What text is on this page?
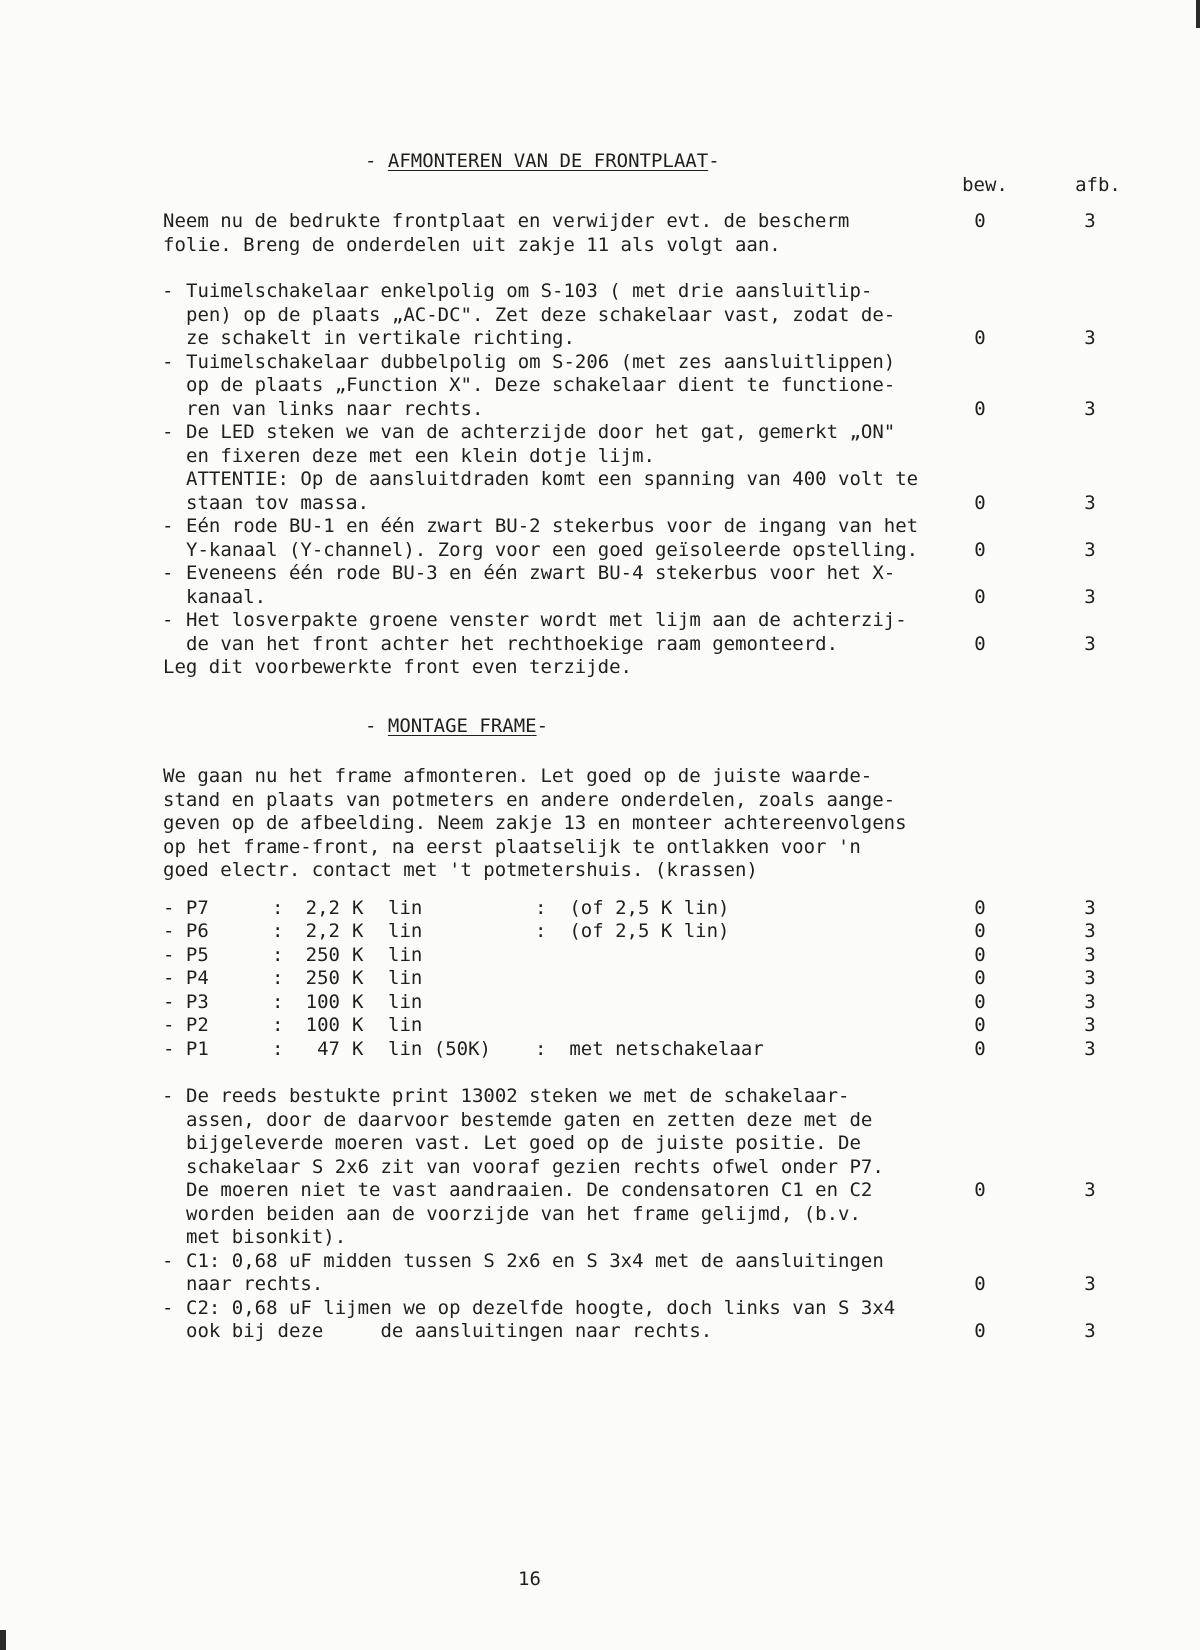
- AFMONTEREN VAN DE FRONTPLAAT-
bew.	afb.
Neem nu de bedrukte frontplaat en verwijder evt. de bescherm
folie. Breng de onderdelen uit zakje 11 als volgt aan.
0	3
- Tuimelschakelaar enkelpolig om S-103 ( met drie aansluitlip-
pen) op de plaats „AC-DC". Zet deze schakelaar vast, zodat de-
ze schakelt in vertikale richting.	0	3
- Tuimelschakelaar dubbelpolig om S-206 (met zes aansluitlippen)
op de plaats „Function X". Deze schakelaar dient te functione-
ren van links naar rechts.	0	3
- De LED steken we van de achterzijde door het gat, gemerkt „ON"
en fixeren deze met een klein dotje lijm.
ATTENTIE: Op de aansluitdraden komt een spanning van 400 volt te
staan tov massa.	0	3
- Eén rode BU-1 en één zwart BU-2 stekerbus voor de ingang van het
Y-kanaal (Y-channel). Zorg voor een goed geïsoleerde opstelling.	0	3
- Eveneens één rode BU-3 en één zwart BU-4 stekerbus voor het X-
kanaal.	0	3
- Het losverpakte groene venster wordt met lijm aan de achterzij-
de van het front achter het rechthoekige raam gemonteerd.	0	3
Leg dit voorbewerkte front even terzijde.
- MONTAGE FRAME-
We gaan nu het frame afmonteren. Let goed op de juiste waarde-
stand en plaats van potmeters en andere onderdelen, zoals aange-
geven op de afbeelding. Neem zakje 13 en monteer achtereenvolgens
op het frame-front, na eerst plaatselijk te ontlakken voor 'n
goed electr. contact met 't potmetershuis. (krassen)
- P7	: 2,2 K lin	:  (of 2,5 K lin)	0	3
- P6	: 2,2 K lin	:  (of 2,5 K lin)	0	3
- P5	: 250 K lin	0	3
- P4	: 250 K lin	0	3
- P3	: 100 K lin	0	3
- P2	: 100 K lin	0	3
- P1	: 47 K lin (50K) :  met netschakelaar	0	3
- De reeds bestukte print 13002 steken we met de schakelaar-
assen, door de daarvoor bestemde gaten en zetten deze met de
bijgeleverde moeren vast. Let goed op de juiste positie. De
schakelaar S 2x6 zit van vooraf gezien rechts ofwel onder P7.
De moeren niet te vast aandraaien. De condensatoren C1 en C2
worden beiden aan de voorzijde van het frame gelijmd, (b.v.
met bisonkit).
0	3
- C1: 0,68 uF midden tussen S 2x6 en S 3x4 met de aansluitingen
naar rechts.	0	3
- C2: 0,68 uF lijmen we op dezelfde hoogte, doch links van S 3x4
ook bij deze     de aansluitingen naar rechts.	0	3
16
